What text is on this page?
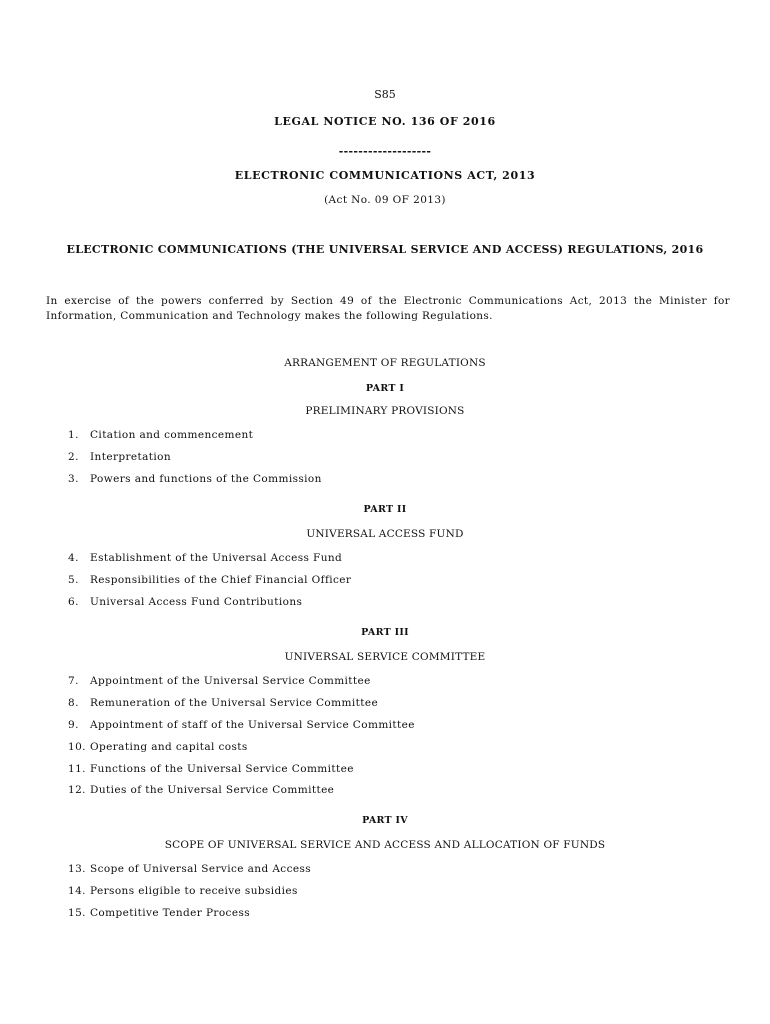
S85
LEGAL NOTICE NO. 136 OF 2016
-------------------
ELECTRONIC COMMUNICATIONS ACT, 2013
(Act No. 09 OF 2013)
ELECTRONIC COMMUNICATIONS (THE UNIVERSAL SERVICE AND ACCESS) REGULATIONS, 2016
In exercise of the powers conferred by Section 49 of the Electronic Communications Act, 2013 the Minister for Information, Communication and Technology makes the following Regulations.
ARRANGEMENT OF REGULATIONS
PART I
PRELIMINARY PROVISIONS
1. Citation and commencement
2. Interpretation
3. Powers and functions of the Commission
PART II
UNIVERSAL ACCESS FUND
4. Establishment of the Universal Access Fund
5. Responsibilities of the Chief Financial Officer
6. Universal Access Fund Contributions
PART III
UNIVERSAL SERVICE COMMITTEE
7. Appointment of the Universal Service Committee
8. Remuneration of the Universal Service Committee
9. Appointment of staff of the Universal Service Committee
10. Operating and capital costs
11. Functions of the Universal Service Committee
12. Duties of the Universal Service Committee
PART IV
SCOPE OF UNIVERSAL SERVICE AND ACCESS AND ALLOCATION OF FUNDS
13. Scope of Universal Service and Access
14. Persons eligible to receive subsidies
15. Competitive Tender Process
